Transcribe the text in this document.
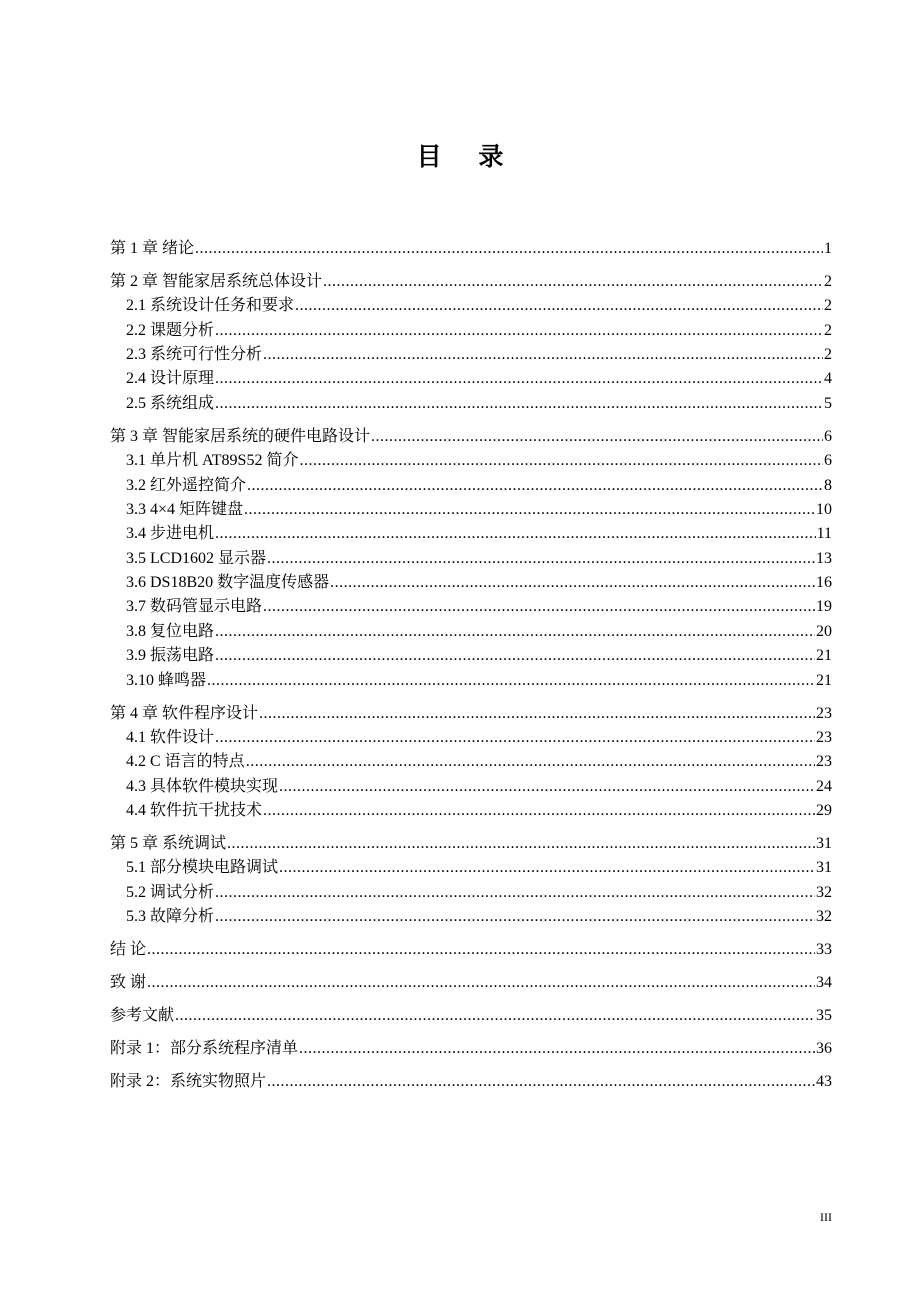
目 录
第 1 章 绪论 .....	1
第 2 章 智能家居系统总体设计 .....	2
2.1 系统设计任务和要求 .....	2
2.2 课题分析 .....	2
2.3 系统可行性分析 .....	2
2.4 设计原理 .....	4
2.5 系统组成 .....	5
第 3 章 智能家居系统的硬件电路设计 .....	6
3.1 单片机 AT89S52 简介 .....	6
3.2 红外遥控简介 .....	8
3.3 4×4 矩阵键盘 .....	10
3.4 步进电机 .....	11
3.5 LCD1602 显示器 .....	13
3.6 DS18B20 数字温度传感器 .....	16
3.7 数码管显示电路 .....	19
3.8 复位电路 .....	20
3.9 振荡电路 .....	21
3.10 蜂鸣器 .....	21
第 4 章 软件程序设计 .....	23
4.1 软件设计 .....	23
4.2 C 语言的特点 .....	23
4.3 具体软件模块实现 .....	24
4.4 软件抗干扰技术 .....	29
第 5 章 系统调试 .....	31
5.1 部分模块电路调试 .....	31
5.2 调试分析 .....	32
5.3 故障分析 .....	32
结 论 .....	33
致 谢 .....	34
参考文献 .....	35
附录 1：部分系统程序清单 .....	36
附录 2：系统实物照片 .....	43
III
